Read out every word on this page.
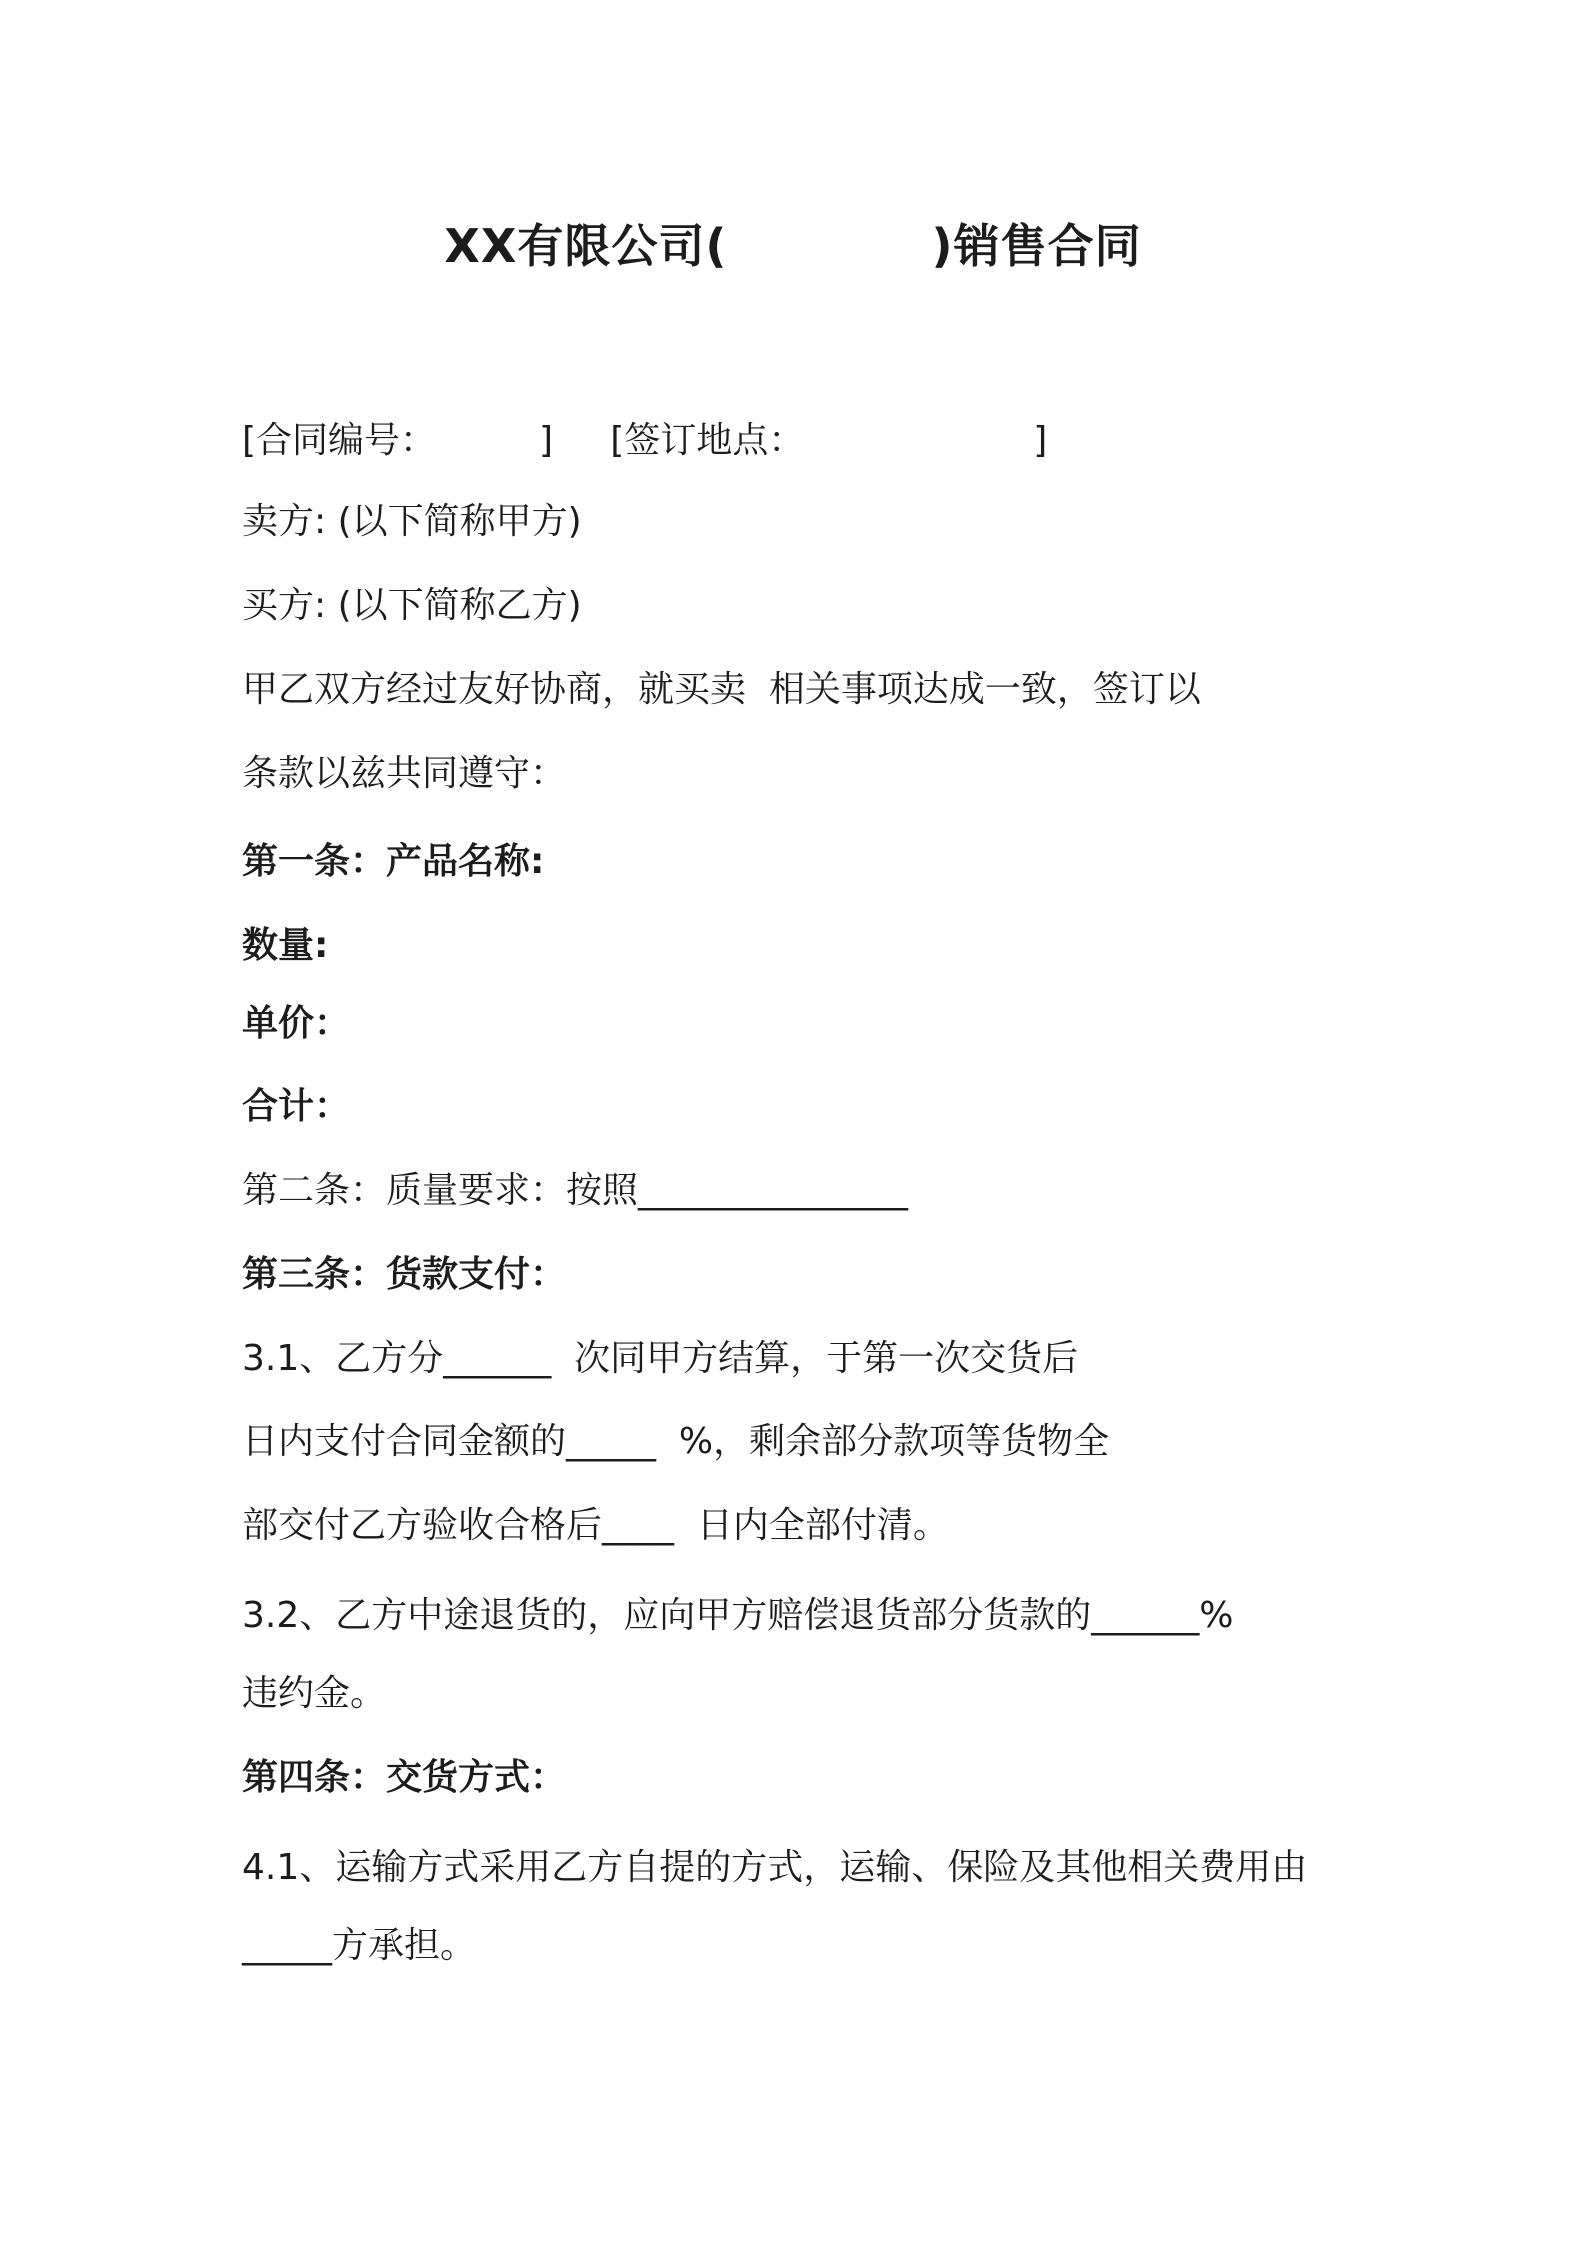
XX有限公司(            )销售合同
[合同编号：         ]     [签订地点：                    ]
卖方: (以下简称甲方)
买方: (以下简称乙方)
甲乙双方经过友好协商，就买卖  相关事项达成一致，签订以
条款以兹共同遵守：
第一条：产品名称:
数量:
单价：
合计：
第二条：质量要求：按照_______________
第三条：货款支付：
3.1、乙方分______  次同甲方结算，于第一次交货后
日内支付合同金额的_____  %，剩余部分款项等货物全
部交付乙方验收合格后____  日内全部付清。
3.2、乙方中途退货的，应向甲方赔偿退货部分货款的______%
违约金。
第四条：交货方式：
4.1、运输方式采用乙方自提的方式，运输、保险及其他相关费用由
_____方承担。
